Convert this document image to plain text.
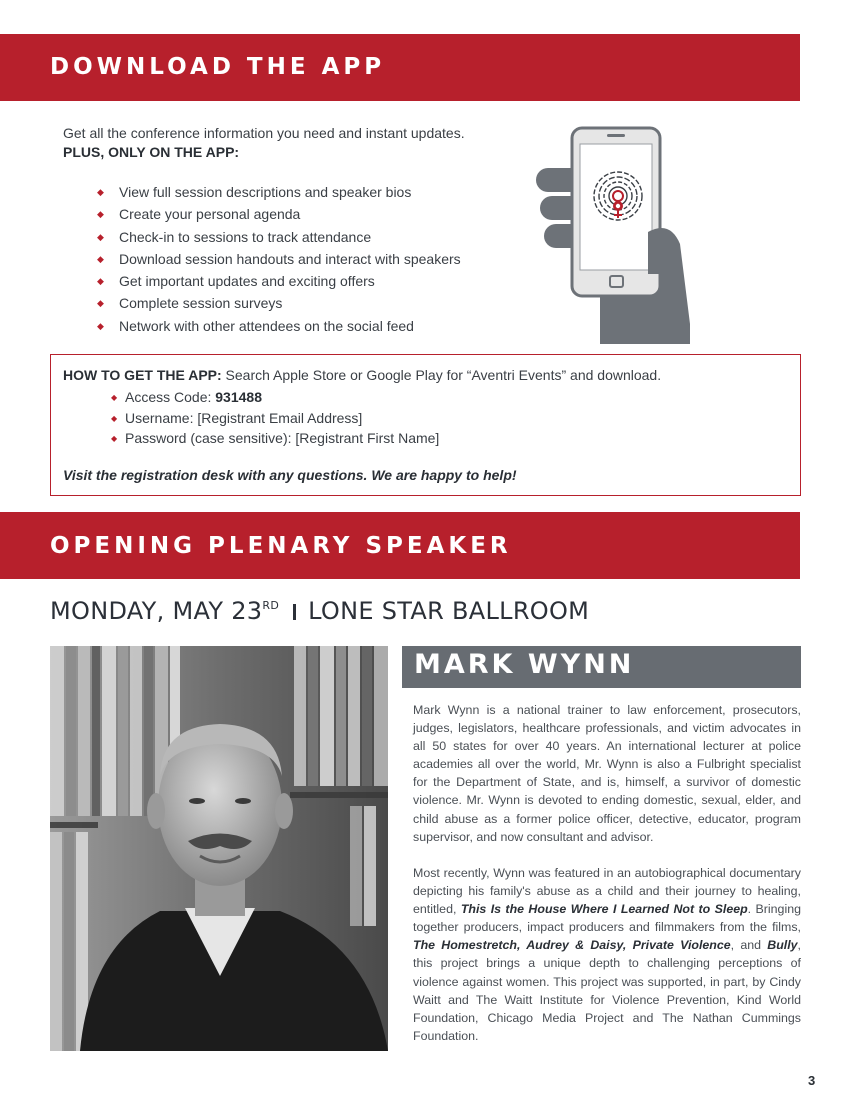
DOWNLOAD THE APP
Get all the conference information you need and instant updates.
PLUS, ONLY ON THE APP:
◆ View full session descriptions and speaker bios
◆ Create your personal agenda
◆ Check-in to sessions to track attendance
◆ Download session handouts and interact with speakers
◆ Get important updates and exciting offers
◆ Complete session surveys
◆ Network with other attendees on the social feed
HOW TO GET THE APP: Search Apple Store or Google Play for “Aventri Events” and download.
◆ Access Code: 931488
◆ Username: [Registrant Email Address]
◆ Password (case sensitive): [Registrant First Name]
Visit the registration desk with any questions. We are happy to help!
OPENING PLENARY SPEAKER
MONDAY, MAY 23RD LONE STAR BALLROOM
MARK WYNN

Mark Wynn is a national trainer to law enforcement, prosecutors, judges, legislators, healthcare professionals, and victim advocates in all 50 states for over 40 years. An international lecturer at police academies all over the world, Mr. Wynn is also a Fulbright specialist for the Department of State, and is, himself, a survivor of domestic violence. Mr. Wynn is devoted to ending domestic, sexual, elder, and child abuse as a former police officer, detective, educator, program supervisor, and now consultant and advisor.

Most recently, Wynn was featured in an autobiographical documentary depicting his family's abuse as a child and their journey to healing, entitled, This Is the House Where I Learned Not to Sleep. Bringing together producers, impact producers and filmmakers from the films, The Homestretch, Audrey & Daisy, Private Violence, and Bully, this project brings a unique depth to challenging perceptions of violence against women. This project was supported, in part, by Cindy Waitt and The Waitt Institute for Violence Prevention, Kind World Foundation, Chicago Media Project and The Nathan Cummings Foundation.

3
